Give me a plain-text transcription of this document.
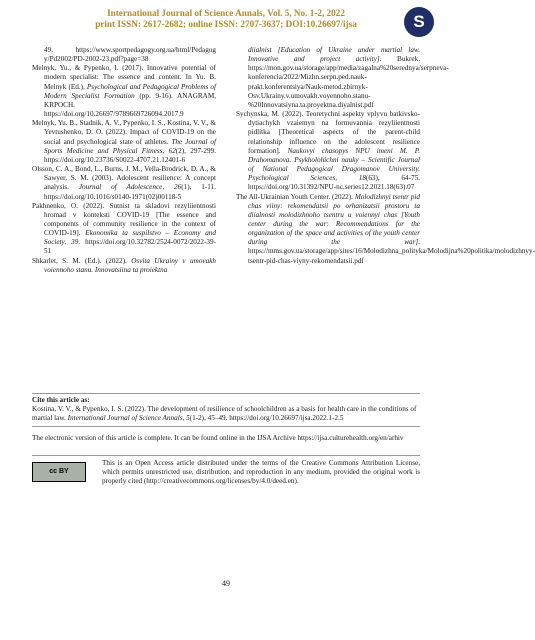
International Journal of Science Annals, Vol. 5, No. 1-2, 2022
print ISSN: 2617-2682; online ISSN: 2707-3637; DOI:10.26697/ijsa	S

49. https://www.sportpedagogy.org.ua/html/Pedagog y/Pd2002/PD-2002-23.pdf?page=38

Melnyk, Yu., & Pypenko, I. (2017). Innovative potential of modern specialist: The essence and content. In Yu. B. Melnyk (Ed.), Psychological and Pedagogical Problems of Modern Specialist Formation (pp. 9-16). ANAGRAM, KRPOCH. https://doi.org/10.26697/9789669726094.2017.9

Melnyk, Yu. B., Stadnik, A. V., Pypenko, I. S., Kostina, V. V., & Yevtushenko, D. O. (2022). Impact of COVID-19 on the social and psychological state of athletes. The Journal of Sports Medicine and Physical Fitness, 62(2), 297-299. https://doi.org/10.23736/S0022-4707.21.12401-6

Olsson, C. A., Bond, L., Burns, J. M., Vella-Brodrick, D. A., & Sawyer, S. M. (2003). Adolescent resilience: A concept analysis. Journal of Adolescence, 26(1), 1-11. https://doi.org/10.1016/s0140-1971(02)00118-5

Pakhnenko, O. (2022). Sutnist ta skladovi rezyliientnosti hromad v konteksti COVID-19 [The essence and components of community resilience in the context of COVID-19]. Ekonomika ta suspilstvo – Economy and Society, 39. https://doi.org/10.32782/2524-0072/2022-39-51

Shkarlet, S. M. (Ed.). (2022). Osvita Ukrainy v umovakh voiennoho stanu. Innovatsiina ta proiektna

diialnist [Education of Ukraine under martial law. Innovative and project activity]. Bukrek. https://mon.gov.ua/storage/app/media/zagalna%20serednya/serpneva-konferencia/2022/Mizhn.serpn.ped.nauk-prakt.konferentsiya/Nauk-metod.zbirnyk-Osv.Ukrainy.v.umovakh.voyennoho.stanu-%20Innovatsiyna.ta.proyektna.diyalnist.pdf

Sychynska, M. (2022). Teoretychni aspekty vplyvu batkivsko-dytiachykh vzaiemyn na formuvannia rezyliientnosti pidlitka [Theoretical aspects of the parent-child relationship influence on the adolescent resilience formation]. Naukovyi chasopys NPU imeni M. P. Drahomanova. Psykholohichni nauky – Scientific Journal of National Pedagogical Dragomanov University. Psychological Sciences, 18(63), 64-75. https://doi.org/10.31392/NPU-nc.series12.2021.18(63).07

The All-Ukrainian Youth Center. (2022). Molodizhnyi tsentr pid chas viiny: rekomendatsii po orhanizatsii prostoru ta diialnosti molodizhnoho tsentru u voiennyi chas [Youth center during the war: Recommendations for the organization of the space and activities of the youth center during the war]. https://mms.gov.ua/storage/app/sites/16/Molodizhna_polityka/Molodijna%20politika/molodizhnyy-tsentr-pid-chas-viyny-rekomendatsii.pdf

Cite this article as:
Kostina, V. V., & Pypenko, I. S. (2022). The development of resilience of schoolchildren as a basis for health care in the conditions of martial law. International Journal of Science Annals, 5(1-2), 45–49. https://doi.org/10.26697/ijsa.2022.1-2.5
The electronic version of this article is complete. It can be found online in the IJSA Archive https://ijsa.culturehealth.org/en/arhiv
cc BY
This is an Open Access article distributed under the terms of the Creative Commons Attribution License, which permits unrestricted use, distribution, and reproduction in any medium, provided the original work is properly cited (http://creativecommons.org/licenses/by/4.0/deed.en).
49
